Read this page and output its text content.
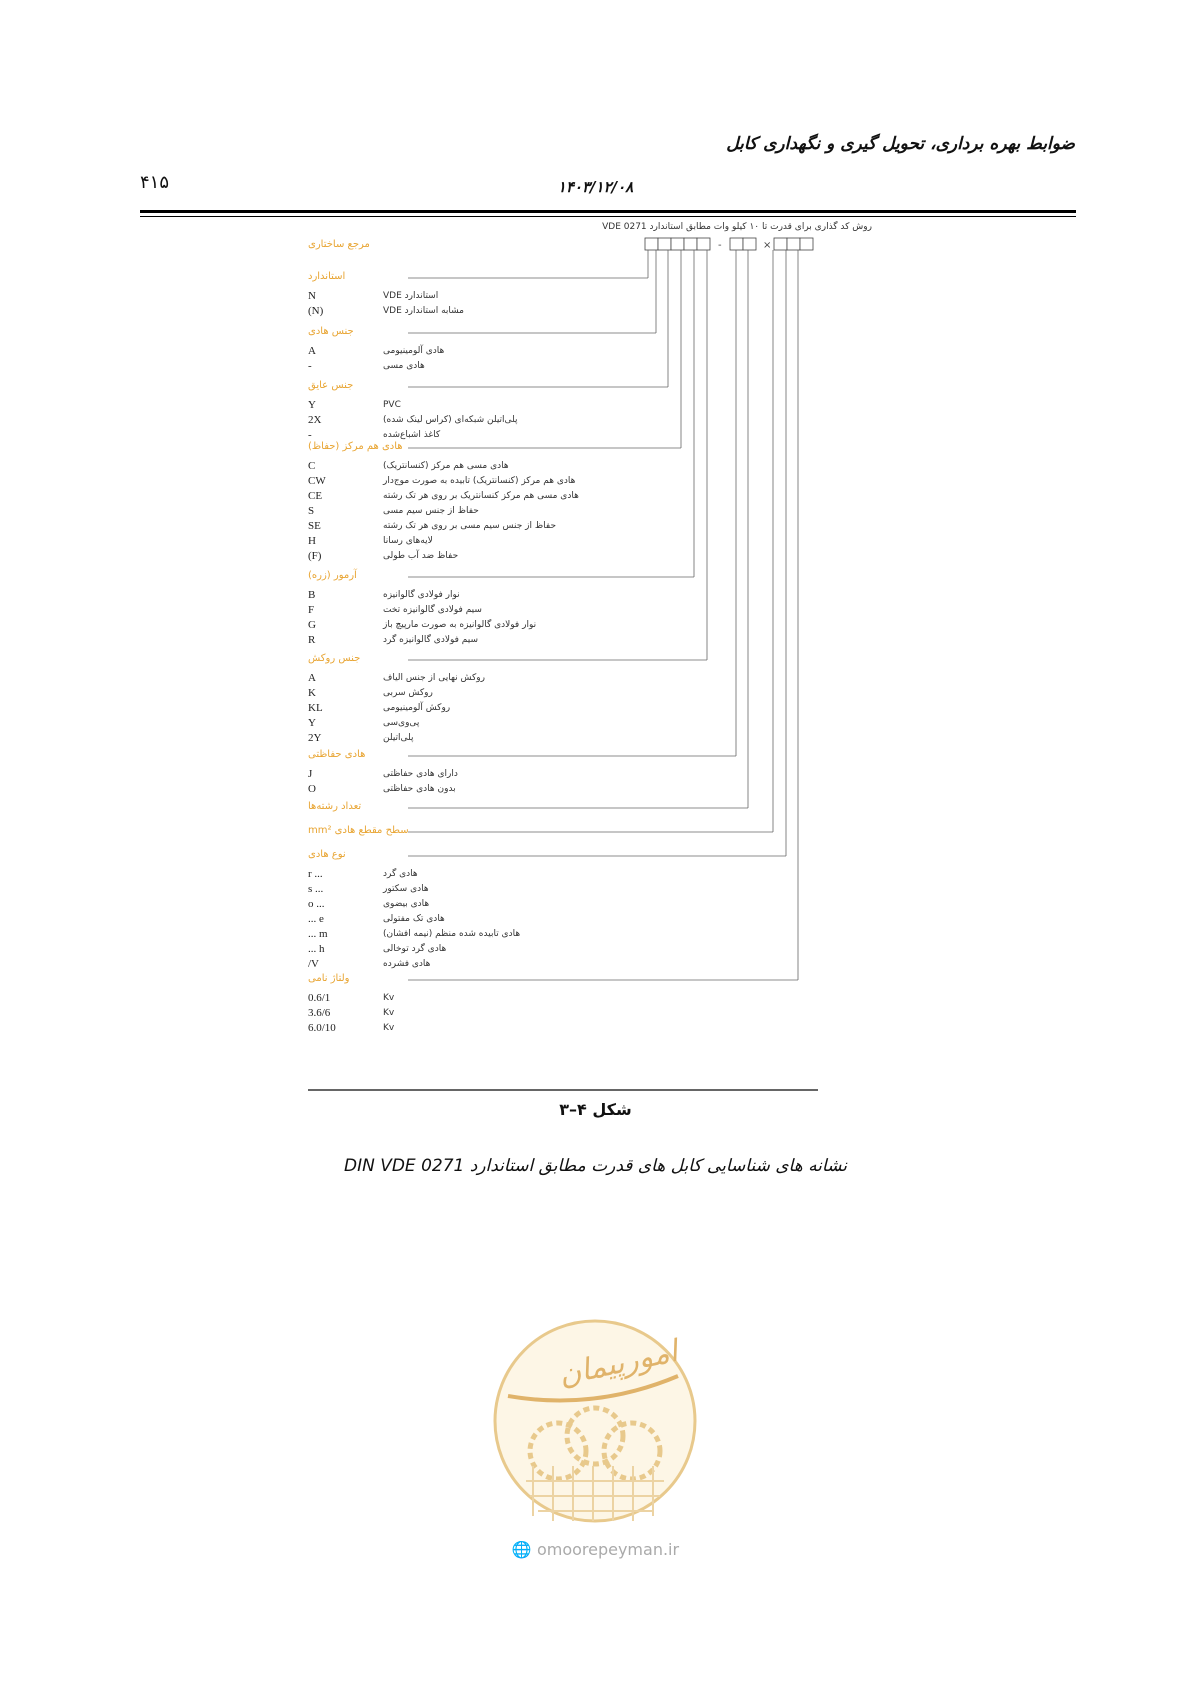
ضوابط بهره برداری، تحویل گیری و نگهداری کابل
۴۱۵	۱۴۰۳/۱۲/۰۸
-	×
روش کد گذاری برای قدرت تا ۱۰ کیلو وات مطابق استاندارد VDE 0271
مرجع ساختاری
استاندارد
N	استاندارد VDE
(N)	مشابه استاندارد VDE
جنس هادی
A	هادی آلومینیومی
-	هادی مسی
جنس عایق
Y	PVC
2X	پلی‌اتیلن شبکه‌ای (کراس لینک شده)
-	کاغذ اشباع‌شده
هادی هم مرکز (حفاظ)
C	هادی مسی هم مرکز (کنسانتریک)
CW	هادی هم مرکز (کنسانتریک) تابیده به صورت موج‌دار
CE	هادی مسی هم مرکز کنسانتریک بر روی هر تک رشته
S	حفاظ از جنس سیم مسی
SE	حفاظ از جنس سیم مسی بر روی هر تک رشته
H	لایه‌های رسانا
(F)	حفاظ ضد آب طولی
آرمور (زره)
B	نوار فولادی گالوانیزه
F	سیم فولادی گالوانیزه تخت
G	نوار فولادی گالوانیزه به صورت مارپیچ باز
R	سیم فولادی گالوانیزه گرد
جنس روکش
A	روکش نهایی از جنس الیاف
K	روکش سربی
KL	روکش آلومینیومی
Y	پی‌وی‌سی
2Y	پلی‌اتیلن
هادی حفاظتی
J	دارای هادی حفاظتی
O	بدون هادی حفاظتی
تعداد رشته‌ها
سطح مقطع هادی mm²
نوع هادی
r ...	هادی گرد
s ...	هادی سکتور
o ...	هادی بیضوی
... e	هادی تک مفتولی
... m	هادی تابیده شده منظم (نیمه افشان)
... h	هادی گرد توخالی
/V	هادی فشرده
ولتاژ نامی
0.6/1	Kv
3.6/6	Kv
6.0/10	Kv
شکل ۴–۳
نشانه های شناسایی کابل های قدرت مطابق استاندارد DIN VDE 0271
امورپیمان
🌐 omoorepeyman.ir
